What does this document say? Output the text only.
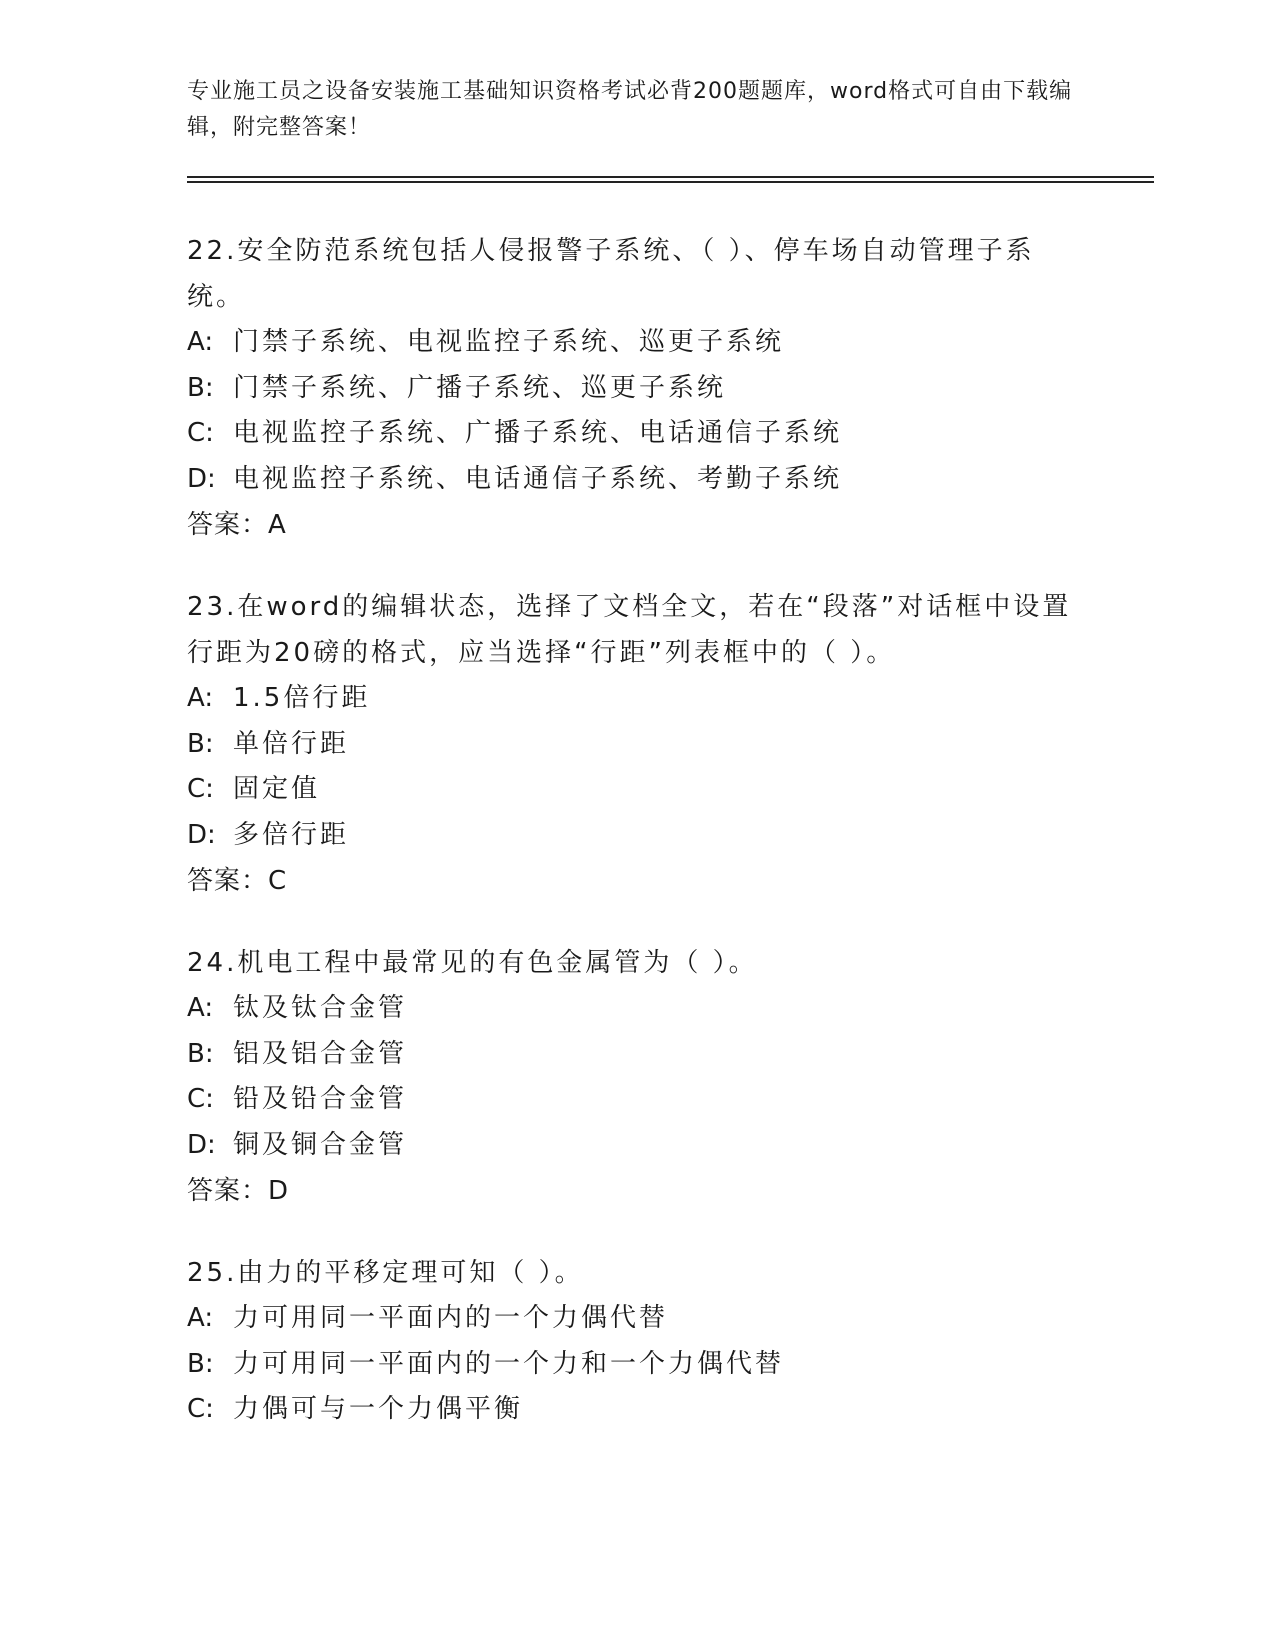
专业施工员之设备安装施工基础知识资格考试必背200题题库，word格式可自由下载编辑，附完整答案！

22.安全防范系统包括人侵报警子系统、（ ）、停车场自动管理子系统。

A: 门禁子系统、电视监控子系统、巡更子系统

B: 门禁子系统、广播子系统、巡更子系统

C: 电视监控子系统、广播子系统、电话通信子系统

D: 电视监控子系统、电话通信子系统、考勤子系统

答案：A

23.在word的编辑状态，选择了文档全文，若在“段落”对话框中设置行距为20磅的格式，应当选择“行距”列表框中的（ ）。

A: 1.5倍行距

B: 单倍行距

C: 固定值

D: 多倍行距

答案：C

24.机电工程中最常见的有色金属管为（ ）。

A: 钛及钛合金管

B: 铝及铝合金管

C: 铅及铅合金管

D: 铜及铜合金管

答案：D

25.由力的平移定理可知（ ）。

A: 力可用同一平面内的一个力偶代替

B: 力可用同一平面内的一个力和一个力偶代替

C: 力偶可与一个力偶平衡
